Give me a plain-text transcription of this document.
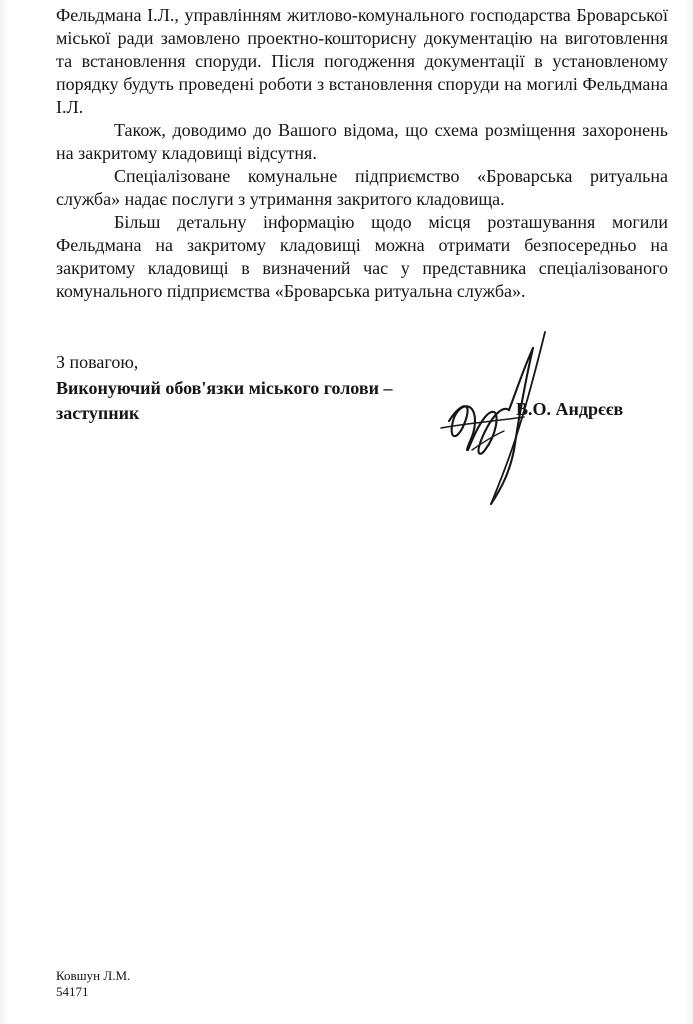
Фельдмана І.Л., управлінням житлово-комунального господарства Броварської міської ради замовлено проектно-кошторисну документацію на виготовлення та встановлення споруди. Після погодження документації в установленому порядку будуть проведені роботи з встановлення споруди на могилі Фельдмана І.Л.

Також, доводимо до Вашого відома, що схема розміщення захоронень на закритому кладовищі відсутня.

Спеціалізоване комунальне підприємство «Броварська ритуальна служба» надає послуги з утримання закритого кладовища.

Більш детальну інформацію щодо місця розташування могили Фельдмана на закритому кладовищі можна отримати безпосередньо на закритому кладовищі в визначений час у представника спеціалізованого комунального підприємства «Броварська ритуальна служба».

З повагою,

Виконуючий обов'язки міського голови – заступник	В.О. Андрєєв

Ковшун Л.М.

54171
